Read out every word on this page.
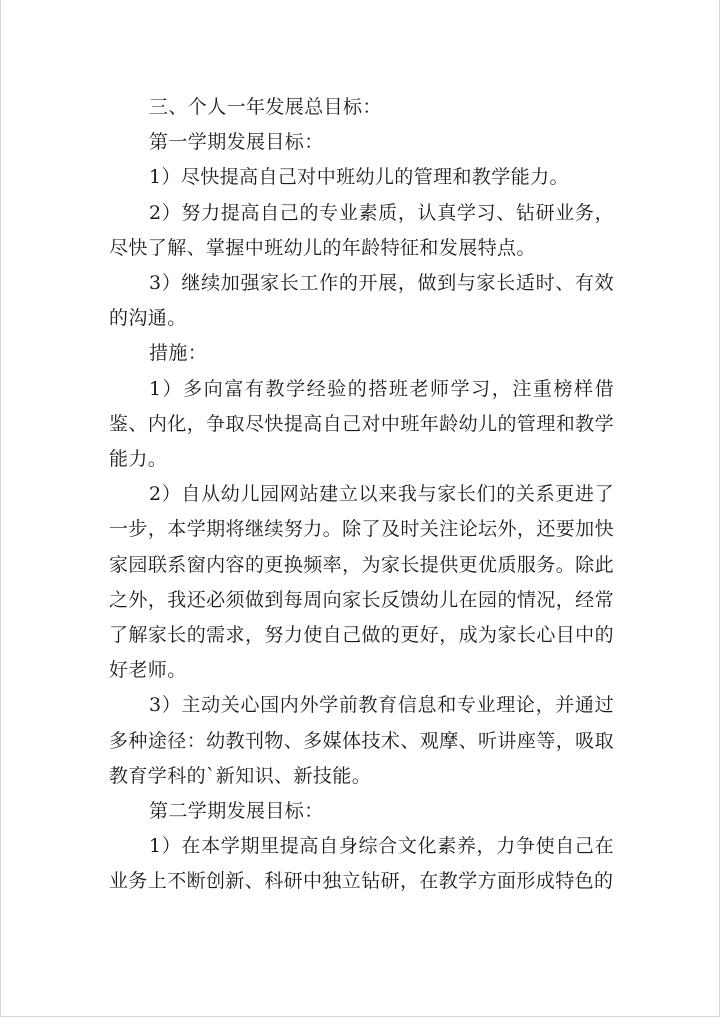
三、个人一年发展总目标：

第一学期发展目标：

1）尽快提高自己对中班幼儿的管理和教学能力。

2）努力提高自己的专业素质，认真学习、钻研业务，尽快了解、掌握中班幼儿的年龄特征和发展特点。

3）继续加强家长工作的开展，做到与家长适时、有效的沟通。

措施：

1）多向富有教学经验的搭班老师学习，注重榜样借鉴、内化，争取尽快提高自己对中班年龄幼儿的管理和教学能力。

2）自从幼儿园网站建立以来我与家长们的关系更进了一步，本学期将继续努力。除了及时关注论坛外，还要加快家园联系窗内容的更换频率，为家长提供更优质服务。除此之外，我还必须做到每周向家长反馈幼儿在园的情况，经常了解家长的需求，努力使自己做的更好，成为家长心目中的好老师。

3）主动关心国内外学前教育信息和专业理论，并通过多种途径：幼教刊物、多媒体技术、观摩、听讲座等，吸取教育学科的`新知识、新技能。

第二学期发展目标：

1）在本学期里提高自身综合文化素养，力争使自己在业务上不断创新、科研中独立钻研，在教学方面形成特色的
